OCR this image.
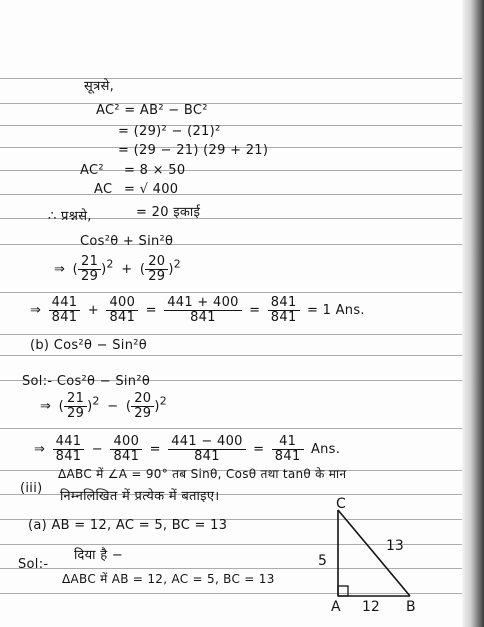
सूत्रसे,

AC² = AB² − BC²

= (29)² − (21)²

= (29 − 21) (29 + 21)

AC² = 8 × 50

AC = √ 400

∴ प्रश्नसे,	= 20 इकाई

Cos²θ + Sin²θ

⇒ ( $\frac{21}{29} )^2$ + ( $\frac{20}{29} )^2$
⇒ $\frac{441}{841} + \frac{400}{841} = \frac{441 + 400}{841} = \frac{841}{841} = 1$ Ans.

(b) Cos²θ − Sin²θ

Sol:- Cos²θ − Sin²θ

⇒ ( $\frac{21}{29} )^2$ − ( $\frac{20}{29} )^2$
⇒ $\frac{441}{841} - \frac{400}{841} = \frac{441 - 400}{841} = \frac{41}{841}$ Ans.

ΔABC में ∠A = 90° तब Sinθ, Cosθ तथा tanθ के मान

(iii)

निम्नलिखित में प्रत्येक में बताइए।

(a) AB = 12, AC = 5, BC = 13

दिया है −

Sol:-

ΔABC में AB = 12, AC = 5, BC = 13

C
A	B
5
12
13
